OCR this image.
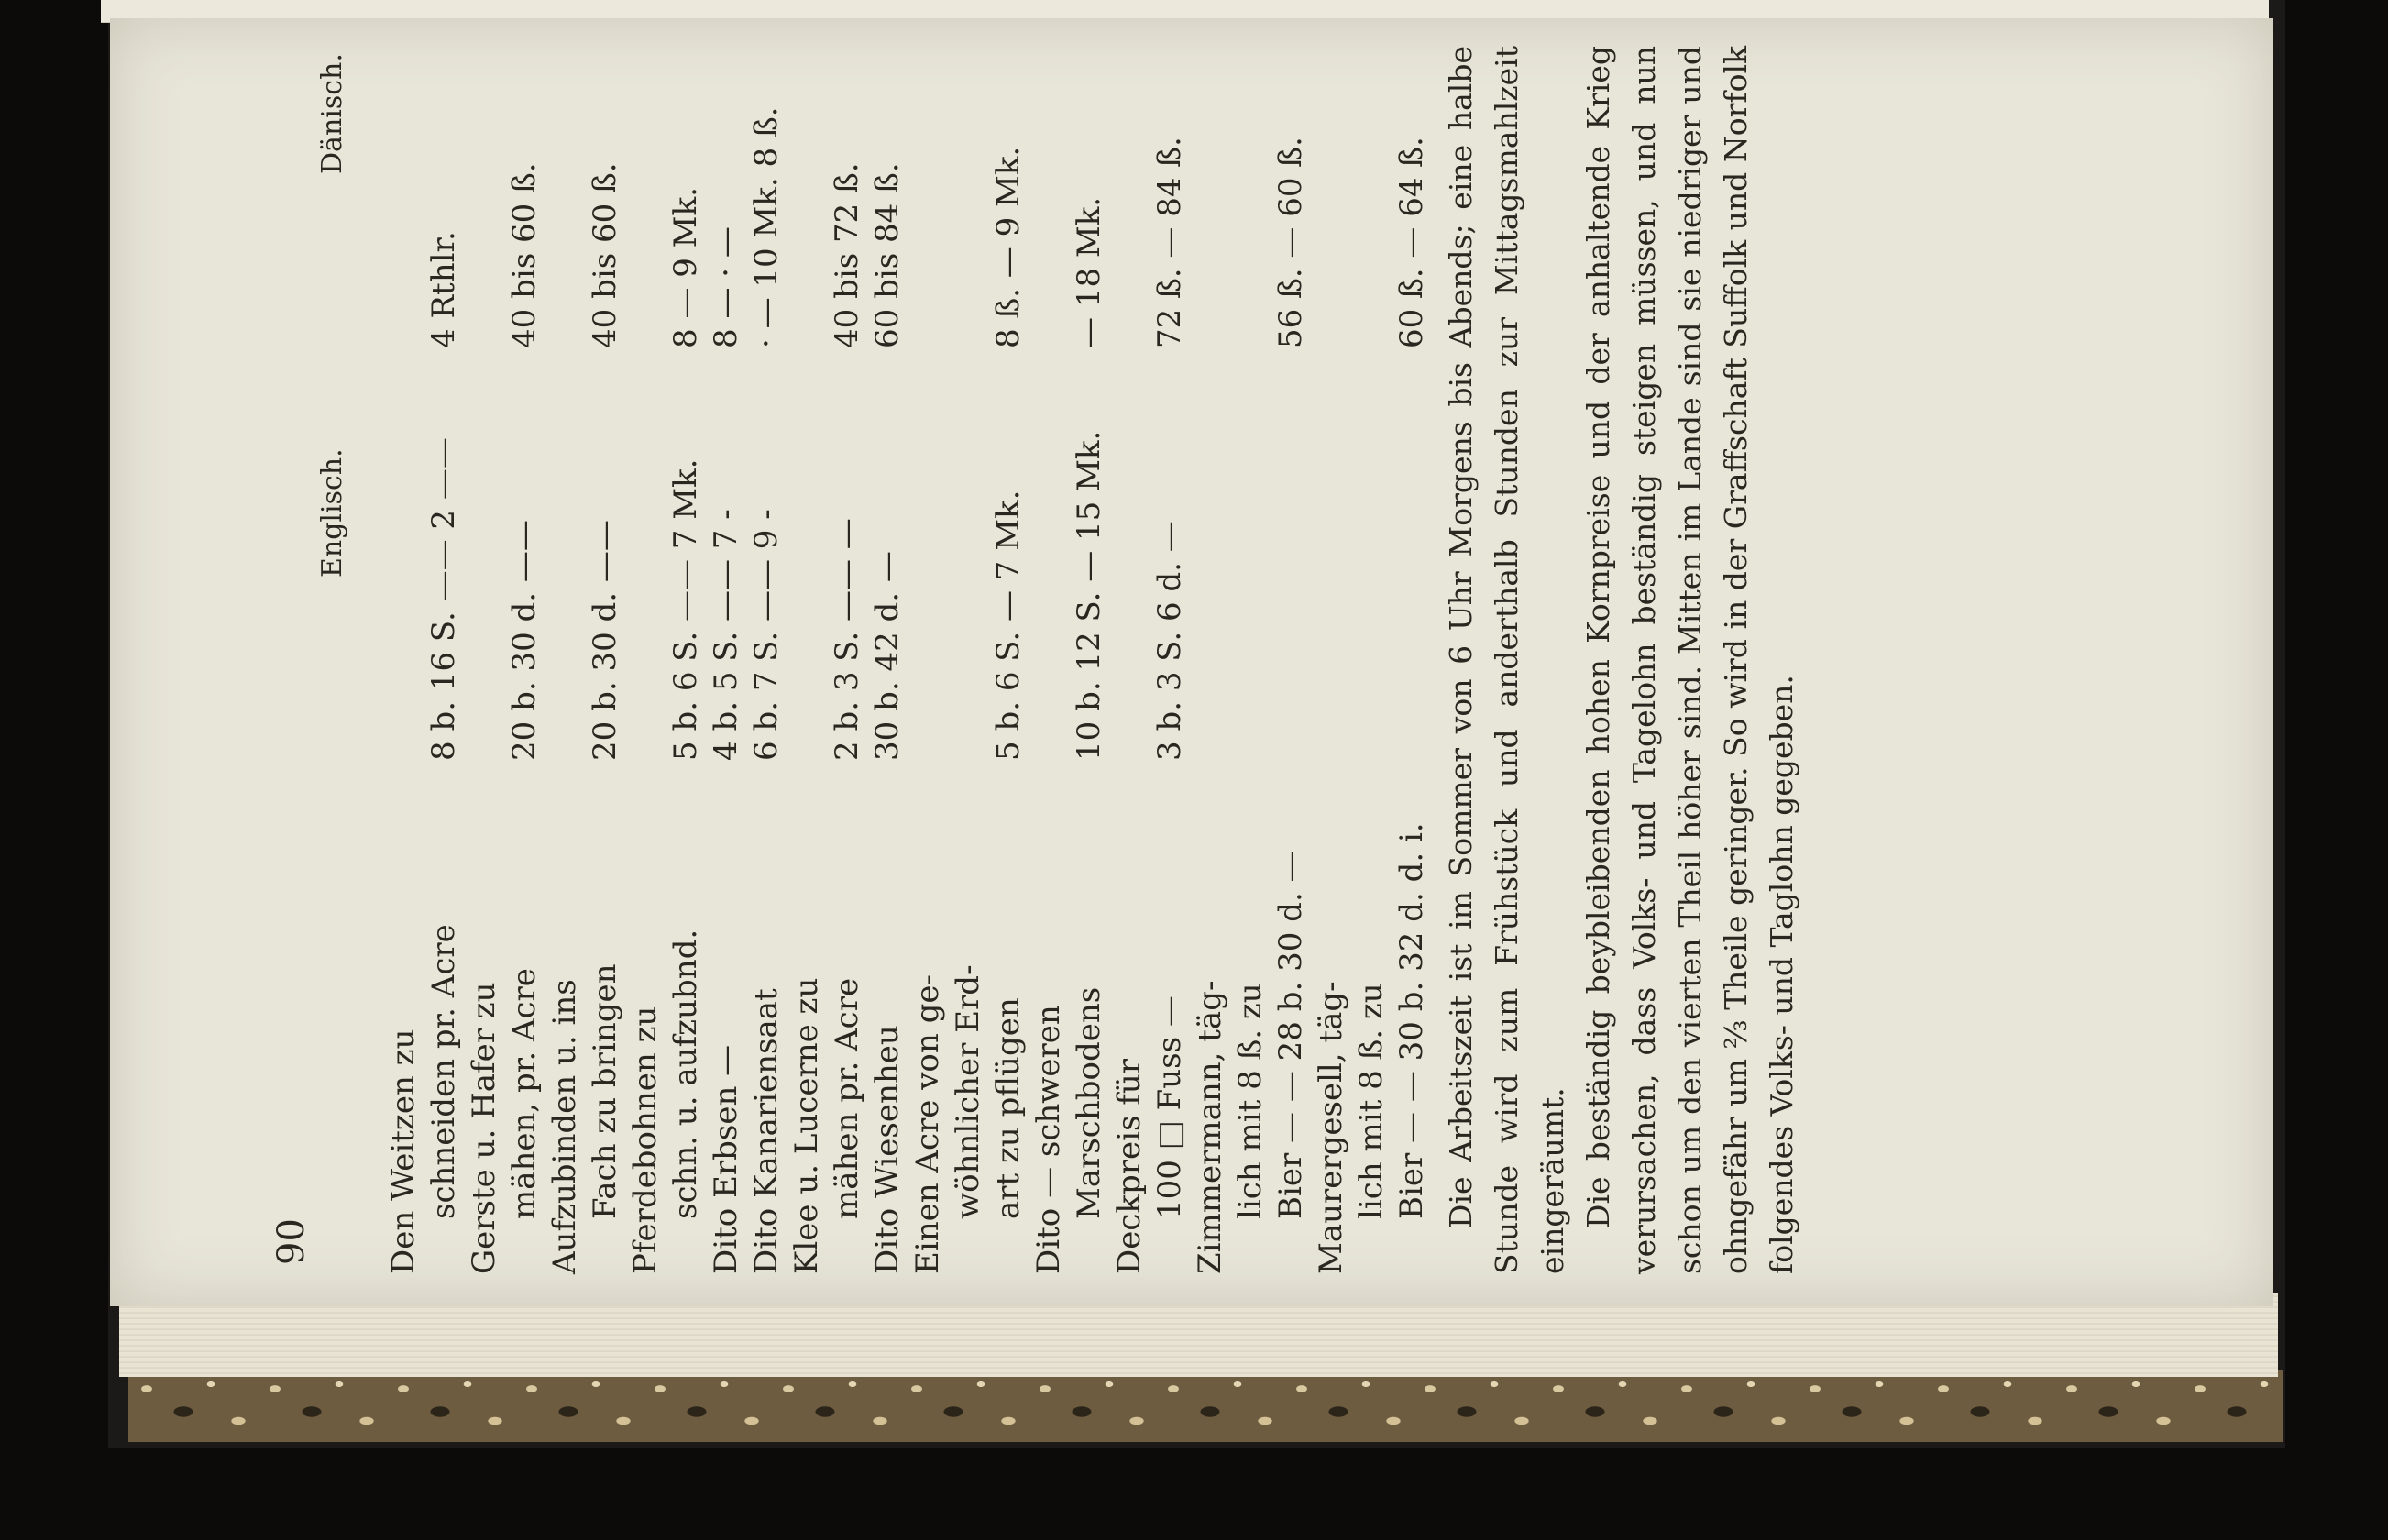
90
Englisch.
Dänisch.
Den Weitzen zu schneiden pr. Acre
8 b. 16 S. —— 2 ——
4 Rthlr.
Gerste u. Hafer zu mähen, pr. Acre
20 b. 30 d. ——
40 bis 60 ß.
Aufzubinden u. ins Fach zu bringen
20 b. 30 d. ——
40 bis 60 ß.
Pferdebohnen zu schn. u. aufzubnd.
5 b. 6 S. —— 7 Mk.
8 — 9 Mk.
Dito Erbsen —
4 b. 5 S. —— 7 -
8 — · —
Dito Kanariensaat
6 b. 7 S. —— 9 -
· — 10 Mk. 8 ß.
Klee u. Lucerne zu mähen pr. Acre
2 b. 3 S. —— —
40 bis 72 ß.
Dito Wiesenheu
30 b. 42 d. —
60 bis 84 ß.
Einen Acre von ge- wöhnlicher Erd- art zu pflügen
5 b. 6 S. — 7 Mk.
8 ß. — 9 Mk.
Dito — schweren Marschbodens
10 b. 12 S. — 15 Mk.
— 18 Mk.
Deckpreis für 100 □ Fuss —
3 b. 3 S. 6 d. —
72 ß. — 84 ß.
Zimmermann, täg- lich mit 8 ß. zu Bier — — 28 b. 30 d. —
56 ß. — 60 ß.
Maurergesell, täg- lich mit 8 ß. zu Bier — — 30 b. 32 d. d. i.
60 ß. — 64 ß. Die Arbeitszeit ist im Sommer von 6 Uhr Morgens bis Abends; eine halbe Stunde wird zum Frühstück und anderthalb Stunden zur Mittagsmahlzeit eingeräumt. Die beständig beybleibenden hohen Kornpreise und der anhaltende Krieg verursachen, dass Volks- und Tagelohn beständig steigen müssen, und nun schon um den vierten Theil höher sind. Mitten im Lande sind sie niedriger und ohngefähr um ⅔ Theile geringer. So wird in der Graffschaft Suffolk und Norfolk folgendes Volks- und Taglohn gegeben.
